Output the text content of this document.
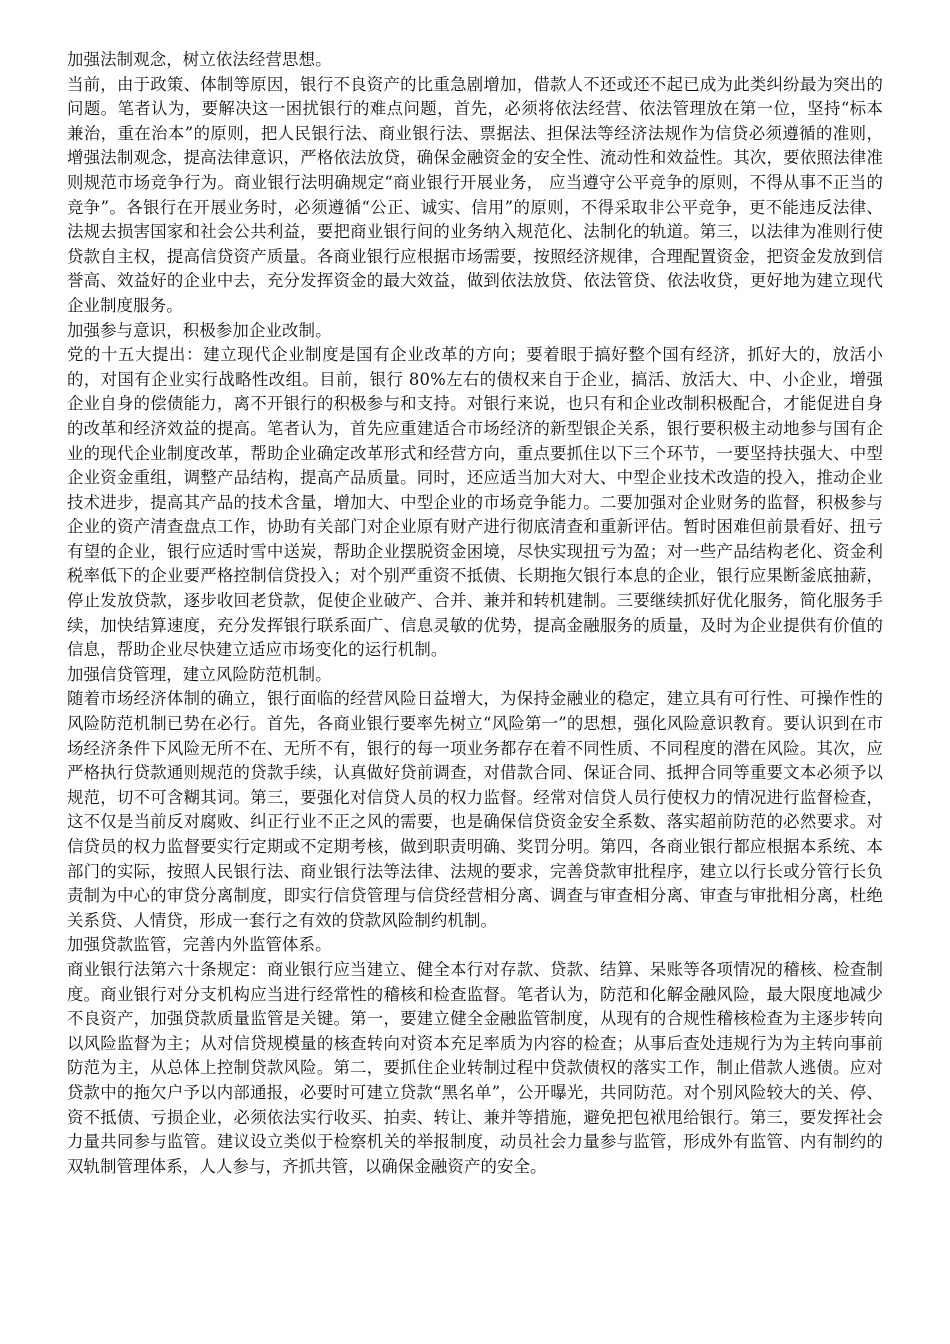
加强法制观念，树立依法经营思想。

当前，由于政策、体制等原因，银行不良资产的比重急剧增加，借款人不还或还不起已成为此类纠纷最为突出的问题。笔者认为，要解决这一困扰银行的难点问题，首先，必须将依法经营、依法管理放在第一位，坚持“标本兼治，重在治本”的原则，把人民银行法、商业银行法、票据法、担保法等经济法规作为信贷必须遵循的准则，增强法制观念，提高法律意识，严格依法放贷，确保金融资金的安全性、流动性和效益性。其次，要依照法律准则规范市场竞争行为。商业银行法明确规定“商业银行开展业务， 应当遵守公平竞争的原则，不得从事不正当的竞争”。各银行在开展业务时，必须遵循“公正、诚实、信用”的原则，不得采取非公平竞争，更不能违反法律、法规去损害国家和社会公共利益，要把商业银行间的业务纳入规范化、法制化的轨道。第三，以法律为准则行使贷款自主权，提高信贷资产质量。各商业银行应根据市场需要，按照经济规律，合理配置资金，把资金发放到信誉高、效益好的企业中去，充分发挥资金的最大效益，做到依法放贷、依法管贷、依法收贷，更好地为建立现代企业制度服务。

加强参与意识，积极参加企业改制。

党的十五大提出：建立现代企业制度是国有企业改革的方向；要着眼于搞好整个国有经济，抓好大的，放活小的，对国有企业实行战略性改组。目前，银行 80%左右的债权来自于企业，搞活、放活大、中、小企业，增强企业自身的偿债能力，离不开银行的积极参与和支持。对银行来说，也只有和企业改制积极配合，才能促进自身的改革和经济效益的提高。笔者认为，首先应重建适合市场经济的新型银企关系，银行要积极主动地参与国有企业的现代企业制度改革，帮助企业确定改革形式和经营方向，重点要抓住以下三个环节，一要坚持扶强大、中型企业资金重组，调整产品结构，提高产品质量。同时，还应适当加大对大、中型企业技术改造的投入，推动企业技术进步，提高其产品的技术含量，增加大、中型企业的市场竞争能力。二要加强对企业财务的监督，积极参与企业的资产清查盘点工作，协助有关部门对企业原有财产进行彻底清查和重新评估。暂时困难但前景看好、扭亏有望的企业，银行应适时雪中送炭，帮助企业摆脱资金困境，尽快实现扭亏为盈；对一些产品结构老化、资金利税率低下的企业要严格控制信贷投入；对个别严重资不抵债、长期拖欠银行本息的企业，银行应果断釜底抽薪，停止发放贷款，逐步收回老贷款，促使企业破产、合并、兼并和转机建制。三要继续抓好优化服务，简化服务手续，加快结算速度，充分发挥银行联系面广、信息灵敏的优势，提高金融服务的质量，及时为企业提供有价值的信息，帮助企业尽快建立适应市场变化的运行机制。

加强信贷管理，建立风险防范机制。

随着市场经济体制的确立，银行面临的经营风险日益增大，为保持金融业的稳定，建立具有可行性、可操作性的风险防范机制已势在必行。首先，各商业银行要率先树立“风险第一”的思想，强化风险意识教育。要认识到在市场经济条件下风险无所不在、无所不有，银行的每一项业务都存在着不同性质、不同程度的潜在风险。其次，应严格执行贷款通则规范的贷款手续，认真做好贷前调查，对借款合同、保证合同、抵押合同等重要文本必须予以规范，切不可含糊其词。第三，要强化对信贷人员的权力监督。经常对信贷人员行使权力的情况进行监督检查，这不仅是当前反对腐败、纠正行业不正之风的需要，也是确保信贷资金安全系数、落实超前防范的必然要求。对信贷员的权力监督要实行定期或不定期考核，做到职责明确、奖罚分明。第四，各商业银行都应根据本系统、本部门的实际，按照人民银行法、商业银行法等法律、法规的要求，完善贷款审批程序，建立以行长或分管行长负责制为中心的审贷分离制度，即实行信贷管理与信贷经营相分离、调查与审查相分离、审查与审批相分离，杜绝关系贷、人情贷，形成一套行之有效的贷款风险制约机制。

加强贷款监管，完善内外监管体系。

商业银行法第六十条规定：商业银行应当建立、健全本行对存款、贷款、结算、呆账等各项情况的稽核、检查制度。商业银行对分支机构应当进行经常性的稽核和检查监督。笔者认为，防范和化解金融风险，最大限度地减少不良资产，加强贷款质量监管是关键。第一，要建立健全金融监管制度，从现有的合规性稽核检查为主逐步转向以风险监督为主；从对信贷规模量的核查转向对资本充足率质为内容的检查；从事后查处违规行为为主转向事前防范为主，从总体上控制贷款风险。第二，要抓住企业转制过程中贷款债权的落实工作，制止借款人逃债。应对贷款中的拖欠户予以内部通报，必要时可建立贷款“黑名单”，公开曝光，共同防范。对个别风险较大的关、停、资不抵债、亏损企业，必须依法实行收买、拍卖、转让、兼并等措施，避免把包袱甩给银行。第三，要发挥社会力量共同参与监管。建议设立类似于检察机关的举报制度，动员社会力量参与监管，形成外有监管、内有制约的双轨制管理体系，人人参与，齐抓共管，以确保金融资产的安全。
